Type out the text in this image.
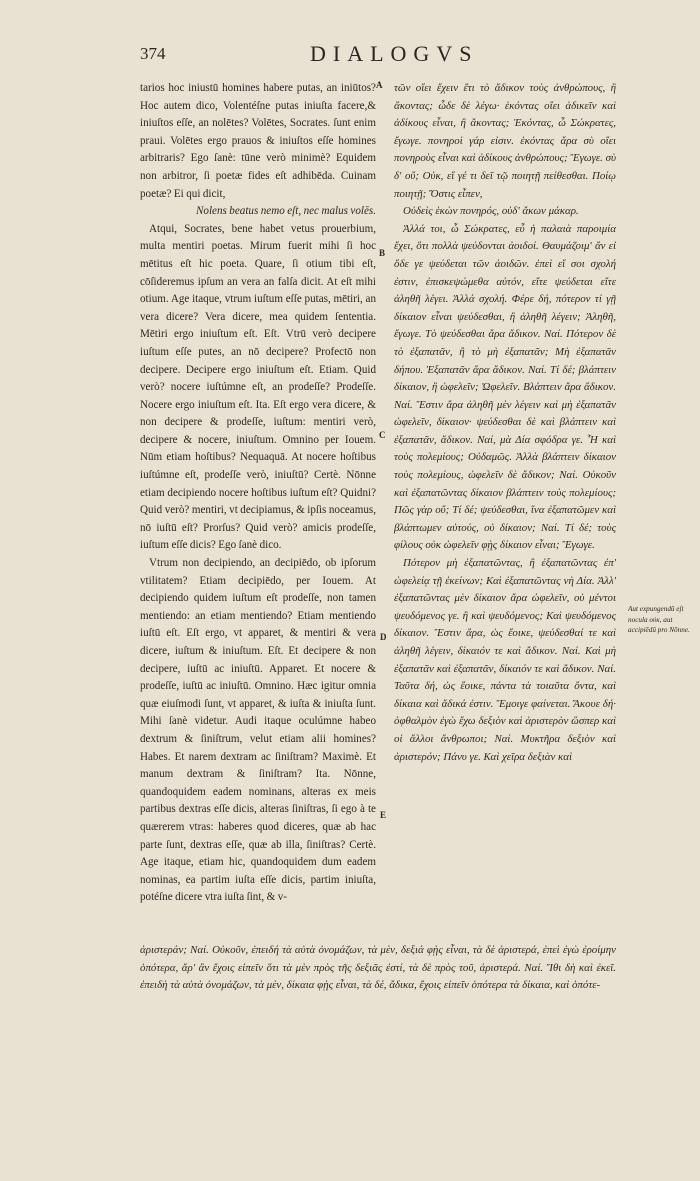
374	DIALOGVS
A
B
C
D
E

tarios hoc iniustū homines habere putas, an iniūtos? Hoc autem dico, Volentéſne putas iniuſta facere,& iniuſtos eſſe, an nolētes? Volētes, Socrates. ſunt enim praui. Volētes ergo prauos & iniuſtos eſſe homines arbitraris? Ego ſanè: tūne verò minimè? Equidem non arbitror, ſi poetæ fides eſt adhibēda. Cuinam poetæ? Ei qui dicit,

Nolens beatus nemo eſt, nec malus volēs.

Atqui, Socrates, bene habet vetus prouerbium, multa mentiri poetas. Mirum fuerit mihi ſi hoc mētitus eſt hic poeta. Quare, ſi otium tibi eſt, cōſideremus ipſum an vera an falſa dicit. At eſt mihi otium. Age itaque, vtrum iuſtum eſſe putas, mētiri, an vera dicere? Vera dicere, mea quidem ſententia. Mētiri ergo iniuſtum eſt. Eſt. Vtrū verò decipere iuſtum eſſe putes, an nō decipere? Profectō non decipere. Decipere ergo iniuſtum eſt. Etiam. Quid verò? nocere iuſtúmne eſt, an prodeſſe? Prodeſſe. Nocere ergo iniuſtum eſt. Ita. Eſt ergo vera dicere, & non decipere & prodeſſe, iuſtum: mentiri verò, decipere & nocere, iniuſtum. Omnino per Iouem. Nūm etiam hoſtibus? Nequaquā. At nocere hoſtibus iuſtúmne eſt, prodeſſe verò, iniuſtū? Certè. Nōnne etiam decipiendo nocere hoſtibus iuſtum eſt? Quidni? Quid verò? mentiri, vt decipiamus, & ipſis noceamus, nō iuſtū eſt? Prorſus? Quid verò? amicis prodeſſe, iuſtum eſſe dicis? Ego ſanè dico.

Vtrum non decipiendo, an decipiēdo, ob ipſorum vtilitatem? Etiam decipiēdo, per Iouem. At decipiendo quidem iuſtum eſt prodeſſe, non tamen mentiendo: an etiam mentiendo? Etiam mentiendo iuſtū eſt. Eſt ergo, vt apparet, & mentiri & vera dicere, iuſtum & iniuſtum. Eſt. Et decipere & non decipere, iuſtū ac iniuſtū. Apparet. Et nocere & prodeſſe, iuſtū ac iniuſtū. Omnino. Hæc igitur omnia quæ eiuſmodi ſunt, vt apparet, & iuſta & iniuſta ſunt. Mihi ſanè videtur. Audi itaque oculúmne habeo dextrum & ſiniſtrum, velut etiam alii homines? Habes. Et narem dextram ac ſiniſtram? Maximè. Et manum dextram & ſiniſtram? Ita. Nōnne, quandoquidem eadem nominans, alteras ex meis partibus dextras eſſe dicis, alteras ſiniſtras, ſi ego à te quærerem vtras: haberes quod diceres, quæ ab hac parte ſunt, dextras eſſe, quæ ab illa, ſiniſtras? Certè. Age itaque, etiam hic, quandoquidem dum eadem nominas, ea partim iuſta eſſe dicis, partim iniuſta, potéſne dicere vtra iuſta ſint, & v-

τῶν οἴει ἔχειν ἔτι τὸ ἄδικον τοὺς ἀνθρώπους, ἢ ἄκοντας; ὧδε δὲ λέγω· ἑκόντας οἴει ἀδικεῖν καὶ ἀδίκους εἶναι, ἢ ἄκοντας; Ἑκόντας, ὦ Σώκρατες, ἔγωγε. πονηροὶ γάρ εἰσιν. ἑκόντας ἄρα σὺ οἴει πονηροὺς εἶναι καὶ ἀδίκους ἀνθρώπους; Ἔγωγε. σὺ δ' οὔ; Οὐκ, εἴ γέ τι δεῖ τῷ ποιητῇ πείθεσθαι. Ποίῳ ποιητῇ; Ὅστις εἶπεν,

Οὐδεὶς ἑκὼν πονηρός, οὐδ' ἄκων μάκαρ.

Ἀλλά τοι, ὦ Σώκρατες, εὖ ἡ παλαιὰ παροιμία ἔχει, ὅτι πολλὰ ψεύδονται ἀοιδοί. Θαυμάζοιμ' ἄν εἰ ὅδε γε ψεύδεται τῶν ἀοιδῶν. ἐπεὶ εἴ σοι σχολή ἐστιν, ἐπισκεψώμεθα αὐτόν, εἴτε ψεύδεται εἴτε ἀληθῆ λέγει. Ἀλλά σχολή. Φέρε δή, πότερον τί γῇ δίκαιον εἶναι ψεύδεσθαι, ἢ ἀληθῆ λέγειν; Ἀληθῆ, ἔγωγε. Τὸ ψεύδεσθαι ἄρα ἄδικον. Ναί. Πότερον δὲ τὸ ἐξαπατᾶν, ἢ τὸ μὴ ἐξαπατᾶν; Μὴ ἐξαπατᾶν δήπου. Ἐξαπατᾶν ἄρα ἄδικον. Ναί. Τί δέ; βλάπτειν δίκαιον, ἢ ὠφελεῖν; Ὠφελεῖν. Βλάπτειν ἄρα ἄδικον. Ναί. Ἔστιν ἄρα ἀληθῆ μὲν λέγειν καὶ μὴ ἐξαπατᾶν ὠφελεῖν, δίκαιον· ψεύδεσθαι δὲ καὶ βλάπτειν καὶ ἐξαπατᾶν, ἄδικον. Ναί, μὰ Δία σφόδρα γε. Ἦ καὶ τοὺς πολεμίους; Οὐδαμῶς. Ἀλλὰ βλάπτειν δίκαιον τοὺς πολεμίους, ὠφελεῖν δὲ ἄδικον; Ναί. Οὐκοῦν καὶ ἐξαπατῶντας δίκαιον βλάπτειν τοὺς πολεμίους; Πῶς γὰρ οὔ; Τί δέ; ψεύδεσθαι, ἵνα ἐξαπατῶμεν καὶ βλάπτωμεν αὐτούς, οὐ δίκαιον; Ναί. Τί δέ; τοὺς φίλους οὐκ ὠφελεῖν φῂς δίκαιον εἶναι; Ἔγωγε.

Πότερον μὴ ἐξαπατῶντας, ἢ ἐξαπατῶντας ἐπ' ὠφελείᾳ τῇ ἐκείνων; Καὶ ἐξαπατῶντας νὴ Δία. Ἀλλ' ἐξαπατῶντας μὲν δίκαιον ἄρα ὠφελεῖν, οὐ μέντοι ψευδόμενος γε. ἢ καὶ ψευδόμενος; Καὶ ψευδόμενος δίκαιον. Ἔστιν ἄρα, ὡς ἔοικε, ψεύδεσθαί τε καὶ ἀληθῆ λέγειν, δίκαιόν τε καὶ ἄδικον. Ναί. Καὶ μὴ ἐξαπατᾶν καὶ ἐξαπατᾶν, δίκαιόν τε καὶ ἄδικον. Ναί. Ταῦτα δή, ὡς ἔοικε, πάντα τὰ τοιαῦτα ὄντα, καὶ δίκαια καὶ ἄδικά ἐστιν. Ἔμοιγε φαίνεται. Ἄκουε δή· ὀφθαλμὸν ἐγὼ ἔχω δεξιὸν καὶ ἀριστερὸν ὥσπερ καὶ οἱ ἄλλοι ἄνθρωποι; Ναί. Μυκτῆρα δεξιὸν καὶ ἀριστερόν; Πάνυ γε. Καὶ χεῖρα δεξιὰν καὶ

ἀριστεράν; Ναί. Οὐκοῦν, ἐπειδή τὰ αὐτὰ ὀνομάζων, τὰ μὲν, δεξιά φῂς εἶναι, τὰ δὲ ἀριστερά, ἐπεὶ ἐγὼ ἐροίμην ὁπότερα, ἄρ' ἂν ἔχοις εἰπεῖν ὅτι τὰ μὲν πρὸς τῆς δεξιᾶς ἐστί, τὰ δὲ πρὸς τοῦ, ἀριστερά. Ναί. Ἴθι δὴ καὶ ἐκεῖ. ἐπειδὴ τὰ αὐτὰ ὀνομάζων, τὰ μὲν, δίκαια φῂς εἶναι, τὰ δέ, ἄδικα, ἔχοις εἰπεῖν ὁπότερα τὰ δίκαια, καὶ ὁπότε-
Aut expungendū eſt nocula οὐκ, aut accipiēdū pro Nōnne.
